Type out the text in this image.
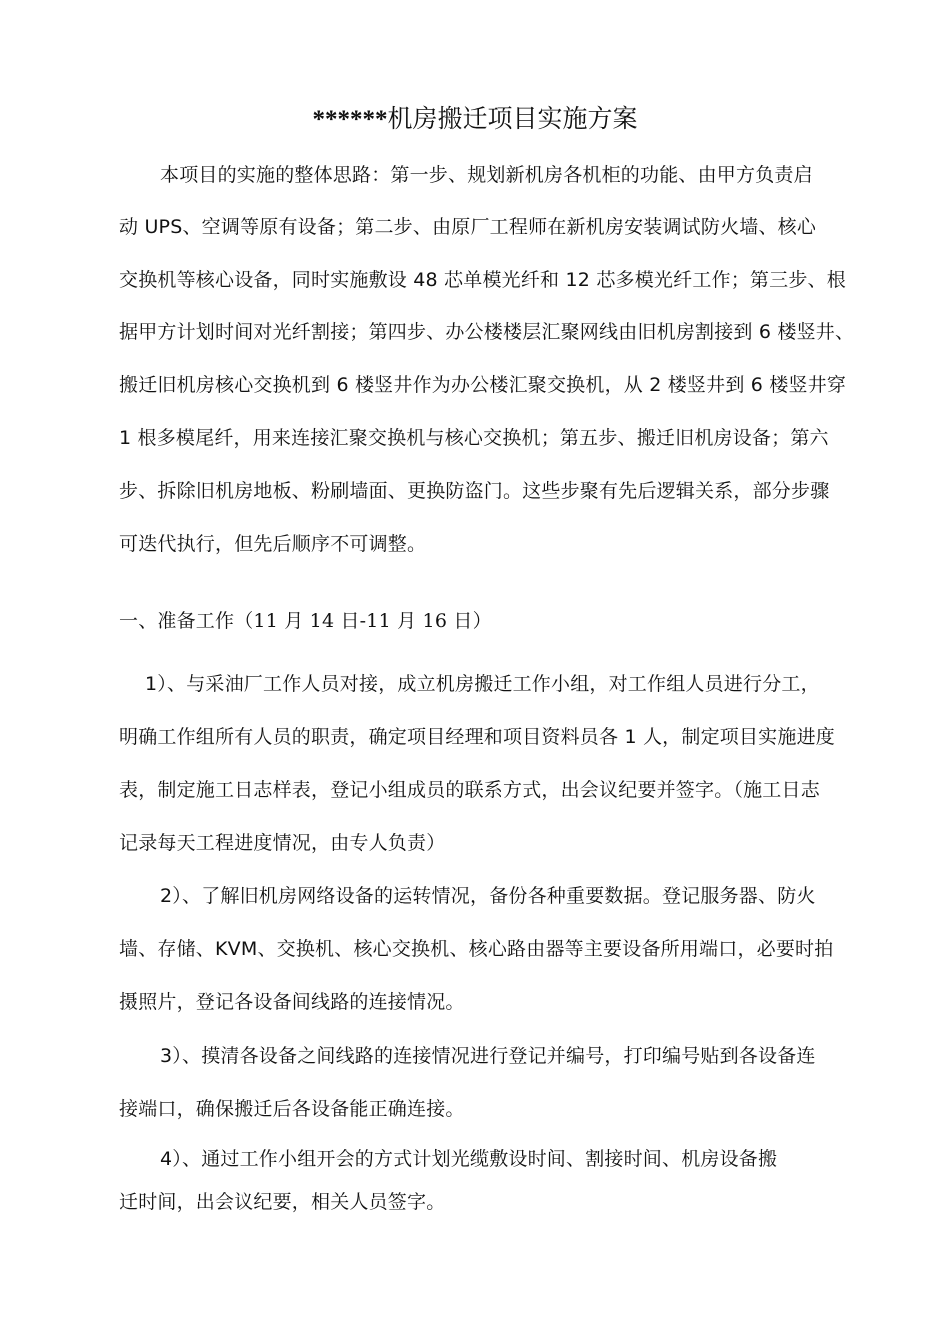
******机房搬迁项目实施方案
本项目的实施的整体思路：第一步、规划新机房各机柜的功能、由甲方负责启
动 UPS、空调等原有设备；第二步、由原厂工程师在新机房安装调试防火墙、核心
交换机等核心设备，同时实施敷设 48 芯单模光纤和 12 芯多模光纤工作；第三步、根
据甲方计划时间对光纤割接；第四步、办公楼楼层汇聚网线由旧机房割接到 6 楼竖井、
搬迁旧机房核心交换机到 6 楼竖井作为办公楼汇聚交换机，从 2 楼竖井到 6 楼竖井穿
1 根多模尾纤，用来连接汇聚交换机与核心交换机；第五步、搬迁旧机房设备；第六
步、拆除旧机房地板、粉刷墙面、更换防盗门。这些步聚有先后逻辑关系，部分步骤
可迭代执行，但先后顺序不可调整。
一、准备工作（11 月 14 日-11 月 16 日）
1）、与采油厂工作人员对接，成立机房搬迁工作小组，对工作组人员进行分工，
明确工作组所有人员的职责，确定项目经理和项目资料员各 1 人，制定项目实施进度
表，制定施工日志样表，登记小组成员的联系方式，出会议纪要并签字。（施工日志
记录每天工程进度情况，由专人负责）
2）、了解旧机房网络设备的运转情况，备份各种重要数据。登记服务器、防火
墙、存储、KVM、交换机、核心交换机、核心路由器等主要设备所用端口，必要时拍
摄照片，登记各设备间线路的连接情况。
3）、摸清各设备之间线路的连接情况进行登记并编号，打印编号贴到各设备连
接端口，确保搬迁后各设备能正确连接。
4）、通过工作小组开会的方式计划光缆敷设时间、割接时间、机房设备搬
迁时间，出会议纪要，相关人员签字。
